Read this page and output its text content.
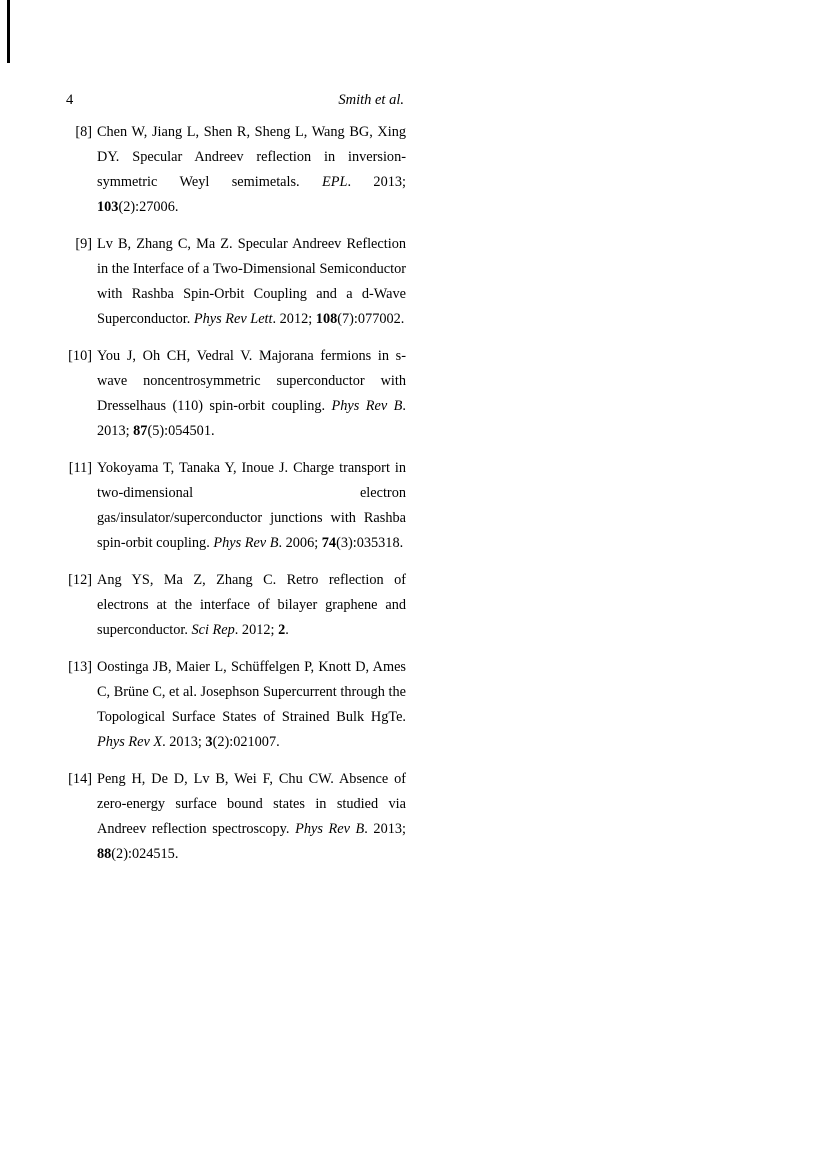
4	Smith et al.
[8] Chen W, Jiang L, Shen R, Sheng L, Wang BG, Xing DY. Specular Andreev reflection in inversion-symmetric Weyl semimetals. EPL. 2013; 103(2):27006.
[9] Lv B, Zhang C, Ma Z. Specular Andreev Reflection in the Interface of a Two-Dimensional Semiconductor with Rashba Spin-Orbit Coupling and a d-Wave Superconductor. Phys Rev Lett. 2012; 108(7):077002.
[10] You J, Oh CH, Vedral V. Majorana fermions in s-wave noncentrosymmetric superconductor with Dresselhaus (110) spin-orbit coupling. Phys Rev B. 2013; 87(5):054501.
[11] Yokoyama T, Tanaka Y, Inoue J. Charge transport in two-dimensional electron gas/insulator/superconductor junctions with Rashba spin-orbit coupling. Phys Rev B. 2006; 74(3):035318.
[12] Ang YS, Ma Z, Zhang C. Retro reflection of electrons at the interface of bilayer graphene and superconductor. Sci Rep. 2012; 2.
[13] Oostinga JB, Maier L, Schüffelgen P, Knott D, Ames C, Brüne C, et al. Josephson Supercurrent through the Topological Surface States of Strained Bulk HgTe. Phys Rev X. 2013; 3(2):021007.
[14] Peng H, De D, Lv B, Wei F, Chu CW. Absence of zero-energy surface bound states in studied via Andreev reflection spectroscopy. Phys Rev B. 2013; 88(2):024515.
